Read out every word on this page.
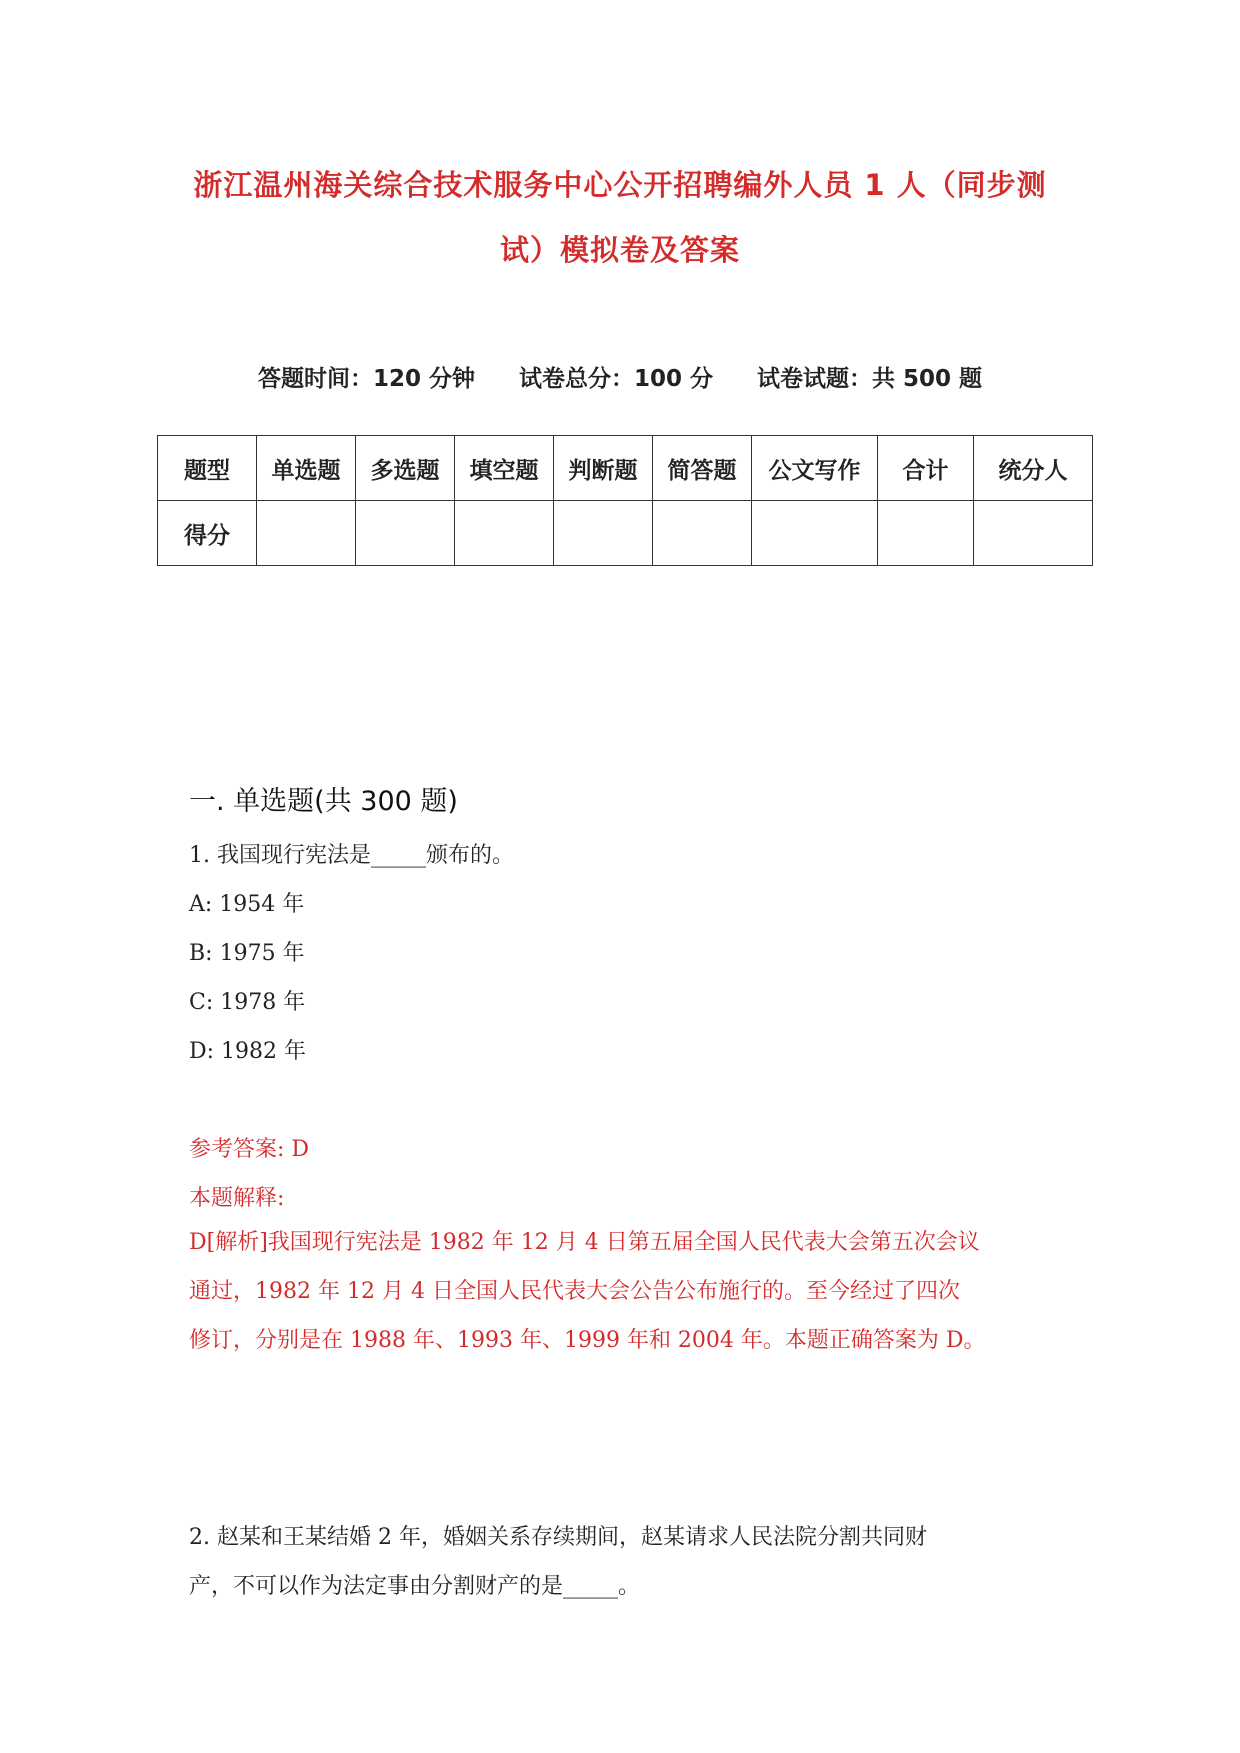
浙江温州海关综合技术服务中心公开招聘编外人员 1 人（同步测
试）模拟卷及答案
答题时间：120 分钟 试卷总分：100 分 试卷试题：共 500 题
题型	单选题	多选题	填空题	判断题	简答题	公文写作	合计	统分人
得分								
一. 单选题(共 300 题)
1. 我国现行宪法是_____颁布的。
A: 1954 年
B: 1975 年
C: 1978 年
D: 1982 年
参考答案: D
本题解释:
D[解析]我国现行宪法是 1982 年 12 月 4 日第五届全国人民代表大会第五次会议
通过，1982 年 12 月 4 日全国人民代表大会公告公布施行的。至今经过了四次
修订，分别是在 1988 年、1993 年、1999 年和 2004 年。本题正确答案为 D。
2. 赵某和王某结婚 2 年，婚姻关系存续期间，赵某请求人民法院分割共同财
产，不可以作为法定事由分割财产的是_____。
